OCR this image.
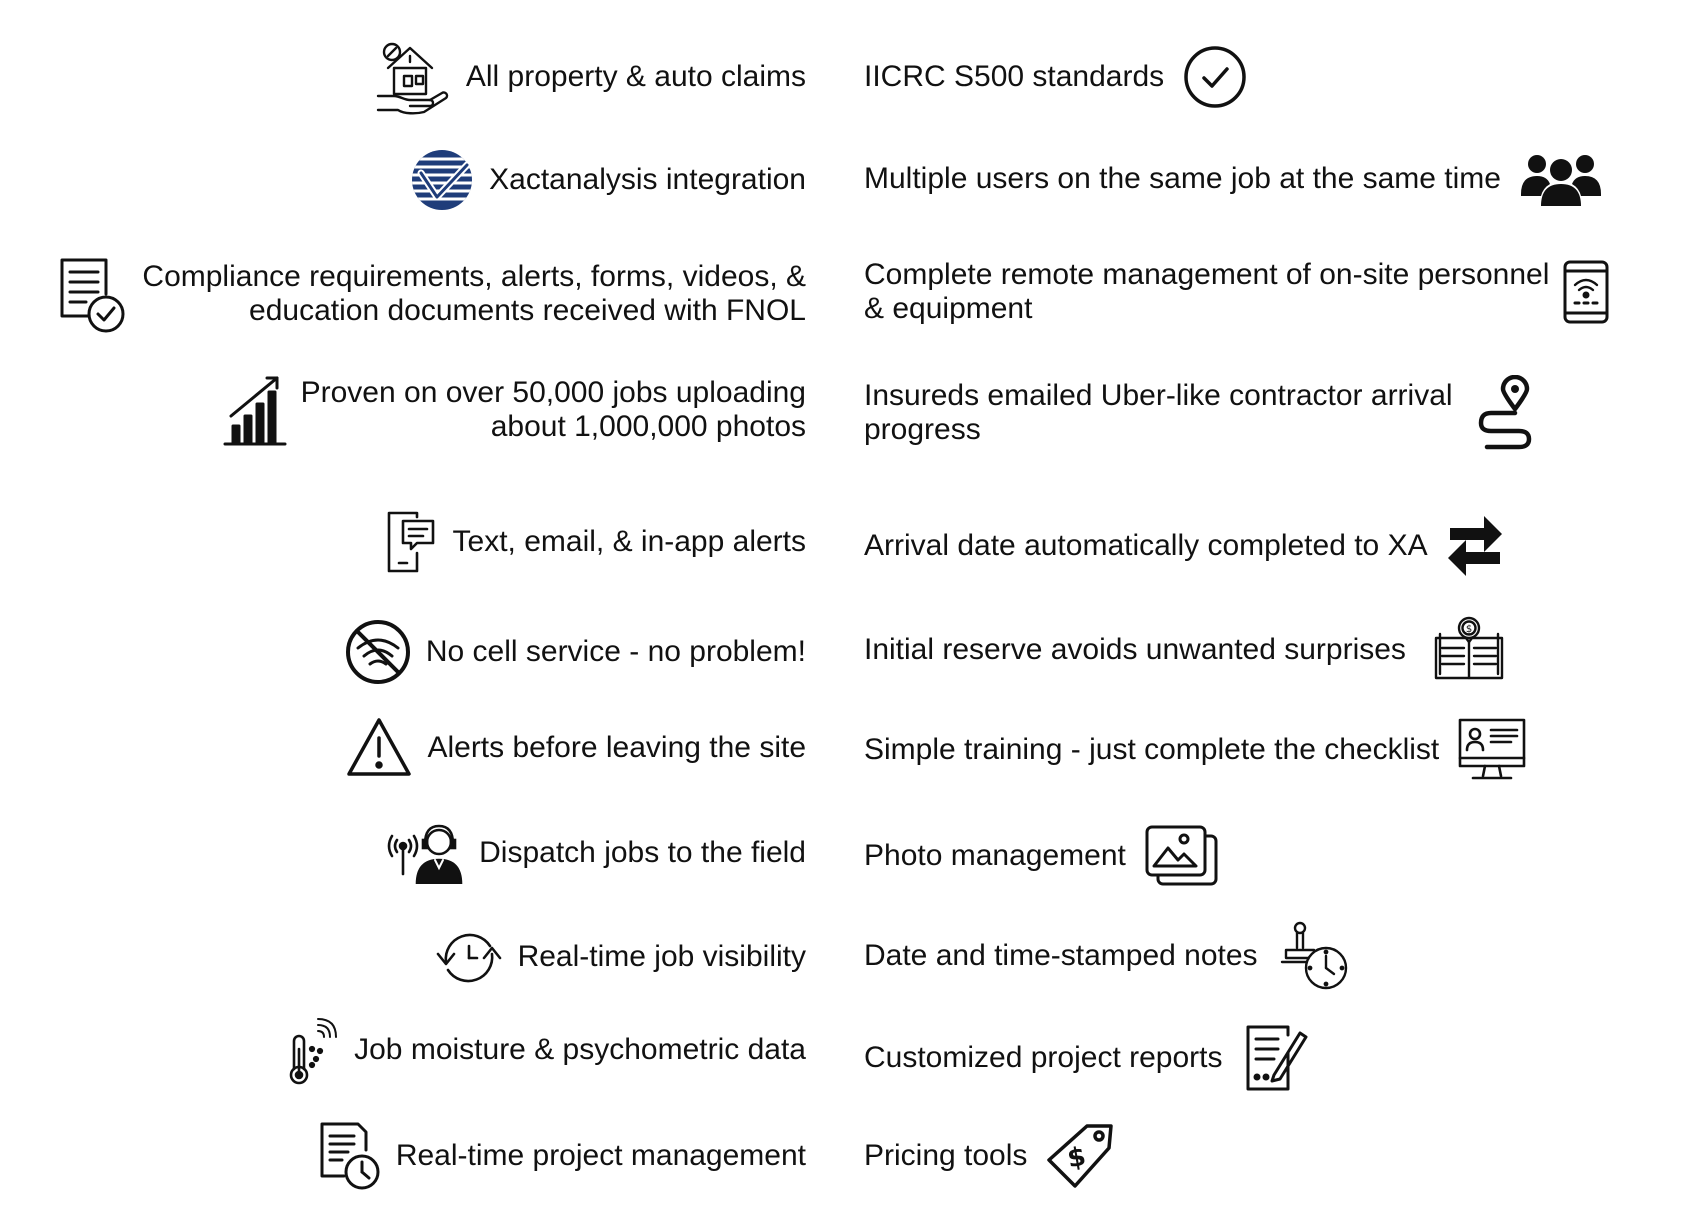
All property & auto claims
Xactanalysis integration
Compliance requirements, alerts, forms, videos, &
education documents received with FNOL
Proven on over 50,000 jobs uploading
about 1,000,000 photos
Text, email, & in-app alerts
No cell service - no problem!
Alerts before leaving the site
Dispatch jobs to the field
Real-time job visibility
Job moisture & psychometric data
Real-time project management
IICRC S500 standards
Multiple users on the same job at the same time
Complete remote management of on-site personnel
& equipment
Insureds emailed Uber-like contractor arrival
progress
Arrival date automatically completed to XA
Initial reserve avoids unwanted surprises
$
Simple training - just complete the checklist
Photo management
Date and time-stamped notes
Customized project reports
Pricing tools $
